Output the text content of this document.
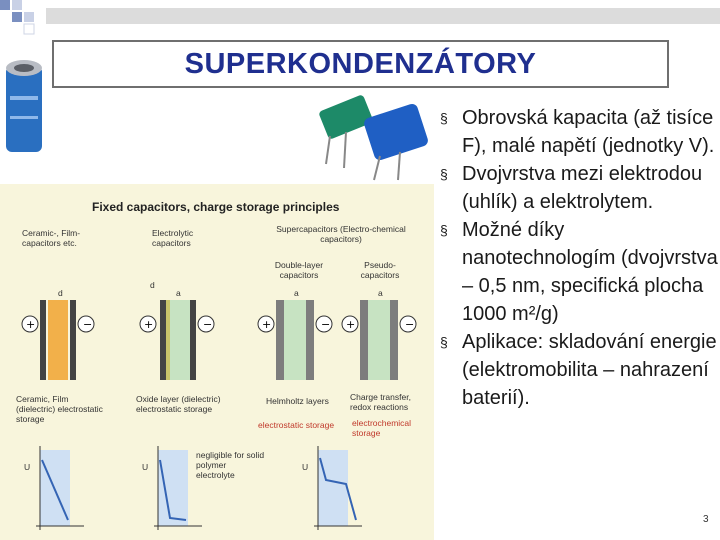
SUPERKONDENZÁTORY
Fixed capacitors, charge storage principles
Ceramic-, Film-capacitors etc.
Electrolytic capacitors
Supercapacitors (Electro-chemical capacitors)
Double-layer capacitors
Pseudo-capacitors
+	−	+	−	+	− +	−
d
d
a	a	a
Ceramic, Film (dielectric) electrostatic storage
Oxide layer (dielectric) electrostatic storage
Helmholtz layers	Charge transfer, redox reactions
electrostatic storage	electrochemical storage
U	U	U
negligible for solid polymer electrolyte
§ Obrovská kapacita (až tisíce F), malé napětí (jednotky V).
§ Dvojvrstva mezi elektrodou (uhlík) a elektrolytem.
§ Možné díky nanotechnologím (dvojvrstva – 0,5 nm, specifická plocha 1000 m²/g)
§ Aplikace: skladování energie (elektromobilita – nahrazení baterií).
3
